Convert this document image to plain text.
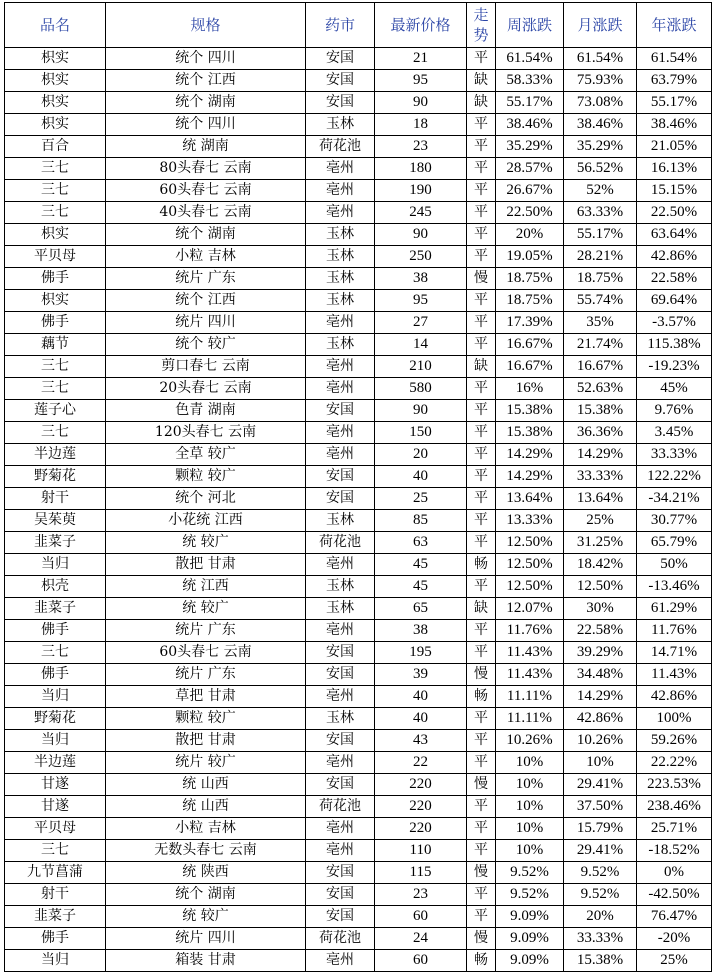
品名	规格	药市	最新价格	走势	周涨跌	月涨跌	年涨跌
枳实	统个 四川	安国	21	平	61.54%	61.54%	61.54%
枳实	统个 江西	安国	95	缺	58.33%	75.93%	63.79%
枳实	统个 湖南	安国	90	缺	55.17%	73.08%	55.17%
枳实	统个 四川	玉林	18	平	38.46%	38.46%	38.46%
百合	统 湖南	荷花池	23	平	35.29%	35.29%	21.05%
三七	80头春七 云南	亳州	180	平	28.57%	56.52%	16.13%
三七	60头春七 云南	亳州	190	平	26.67%	52%	15.15%
三七	40头春七 云南	亳州	245	平	22.50%	63.33%	22.50%
枳实	统个 湖南	玉林	90	平	20%	55.17%	63.64%
平贝母	小粒 吉林	玉林	250	平	19.05%	28.21%	42.86%
佛手	统片 广东	玉林	38	慢	18.75%	18.75%	22.58%
枳实	统个 江西	玉林	95	平	18.75%	55.74%	69.64%
佛手	统片 四川	亳州	27	平	17.39%	35%	-3.57%
藕节	统个 较广	玉林	14	平	16.67%	21.74%	115.38%
三七	剪口春七 云南	亳州	210	缺	16.67%	16.67%	-19.23%
三七	20头春七 云南	亳州	580	平	16%	52.63%	45%
莲子心	色青 湖南	安国	90	平	15.38%	15.38%	9.76%
三七	120头春七 云南	亳州	150	平	15.38%	36.36%	3.45%
半边莲	全草 较广	亳州	20	平	14.29%	14.29%	33.33%
野菊花	颗粒 较广	安国	40	平	14.29%	33.33%	122.22%
射干	统个 河北	安国	25	平	13.64%	13.64%	-34.21%
吴茱萸	小花统 江西	玉林	85	平	13.33%	25%	30.77%
韭菜子	统 较广	荷花池	63	平	12.50%	31.25%	65.79%
当归	散把 甘肃	亳州	45	畅	12.50%	18.42%	50%
枳壳	统 江西	玉林	45	平	12.50%	12.50%	-13.46%
韭菜子	统 较广	玉林	65	缺	12.07%	30%	61.29%
佛手	统片 广东	亳州	38	平	11.76%	22.58%	11.76%
三七	60头春七 云南	安国	195	平	11.43%	39.29%	14.71%
佛手	统片 广东	安国	39	慢	11.43%	34.48%	11.43%
当归	草把 甘肃	亳州	40	畅	11.11%	14.29%	42.86%
野菊花	颗粒 较广	玉林	40	平	11.11%	42.86%	100%
当归	散把 甘肃	安国	43	平	10.26%	10.26%	59.26%
半边莲	统片 较广	亳州	22	平	10%	10%	22.22%
甘遂	统 山西	安国	220	慢	10%	29.41%	223.53%
甘遂	统 山西	荷花池	220	平	10%	37.50%	238.46%
平贝母	小粒 吉林	亳州	220	平	10%	15.79%	25.71%
三七	无数头春七 云南	亳州	110	平	10%	29.41%	-18.52%
九节菖蒲	统 陕西	安国	115	慢	9.52%	9.52%	0%
射干	统个 湖南	安国	23	平	9.52%	9.52%	-42.50%
韭菜子	统 较广	安国	60	平	9.09%	20%	76.47%
佛手	统片 四川	荷花池	24	慢	9.09%	33.33%	-20%
当归	箱装 甘肃	亳州	60	畅	9.09%	15.38%	25%
